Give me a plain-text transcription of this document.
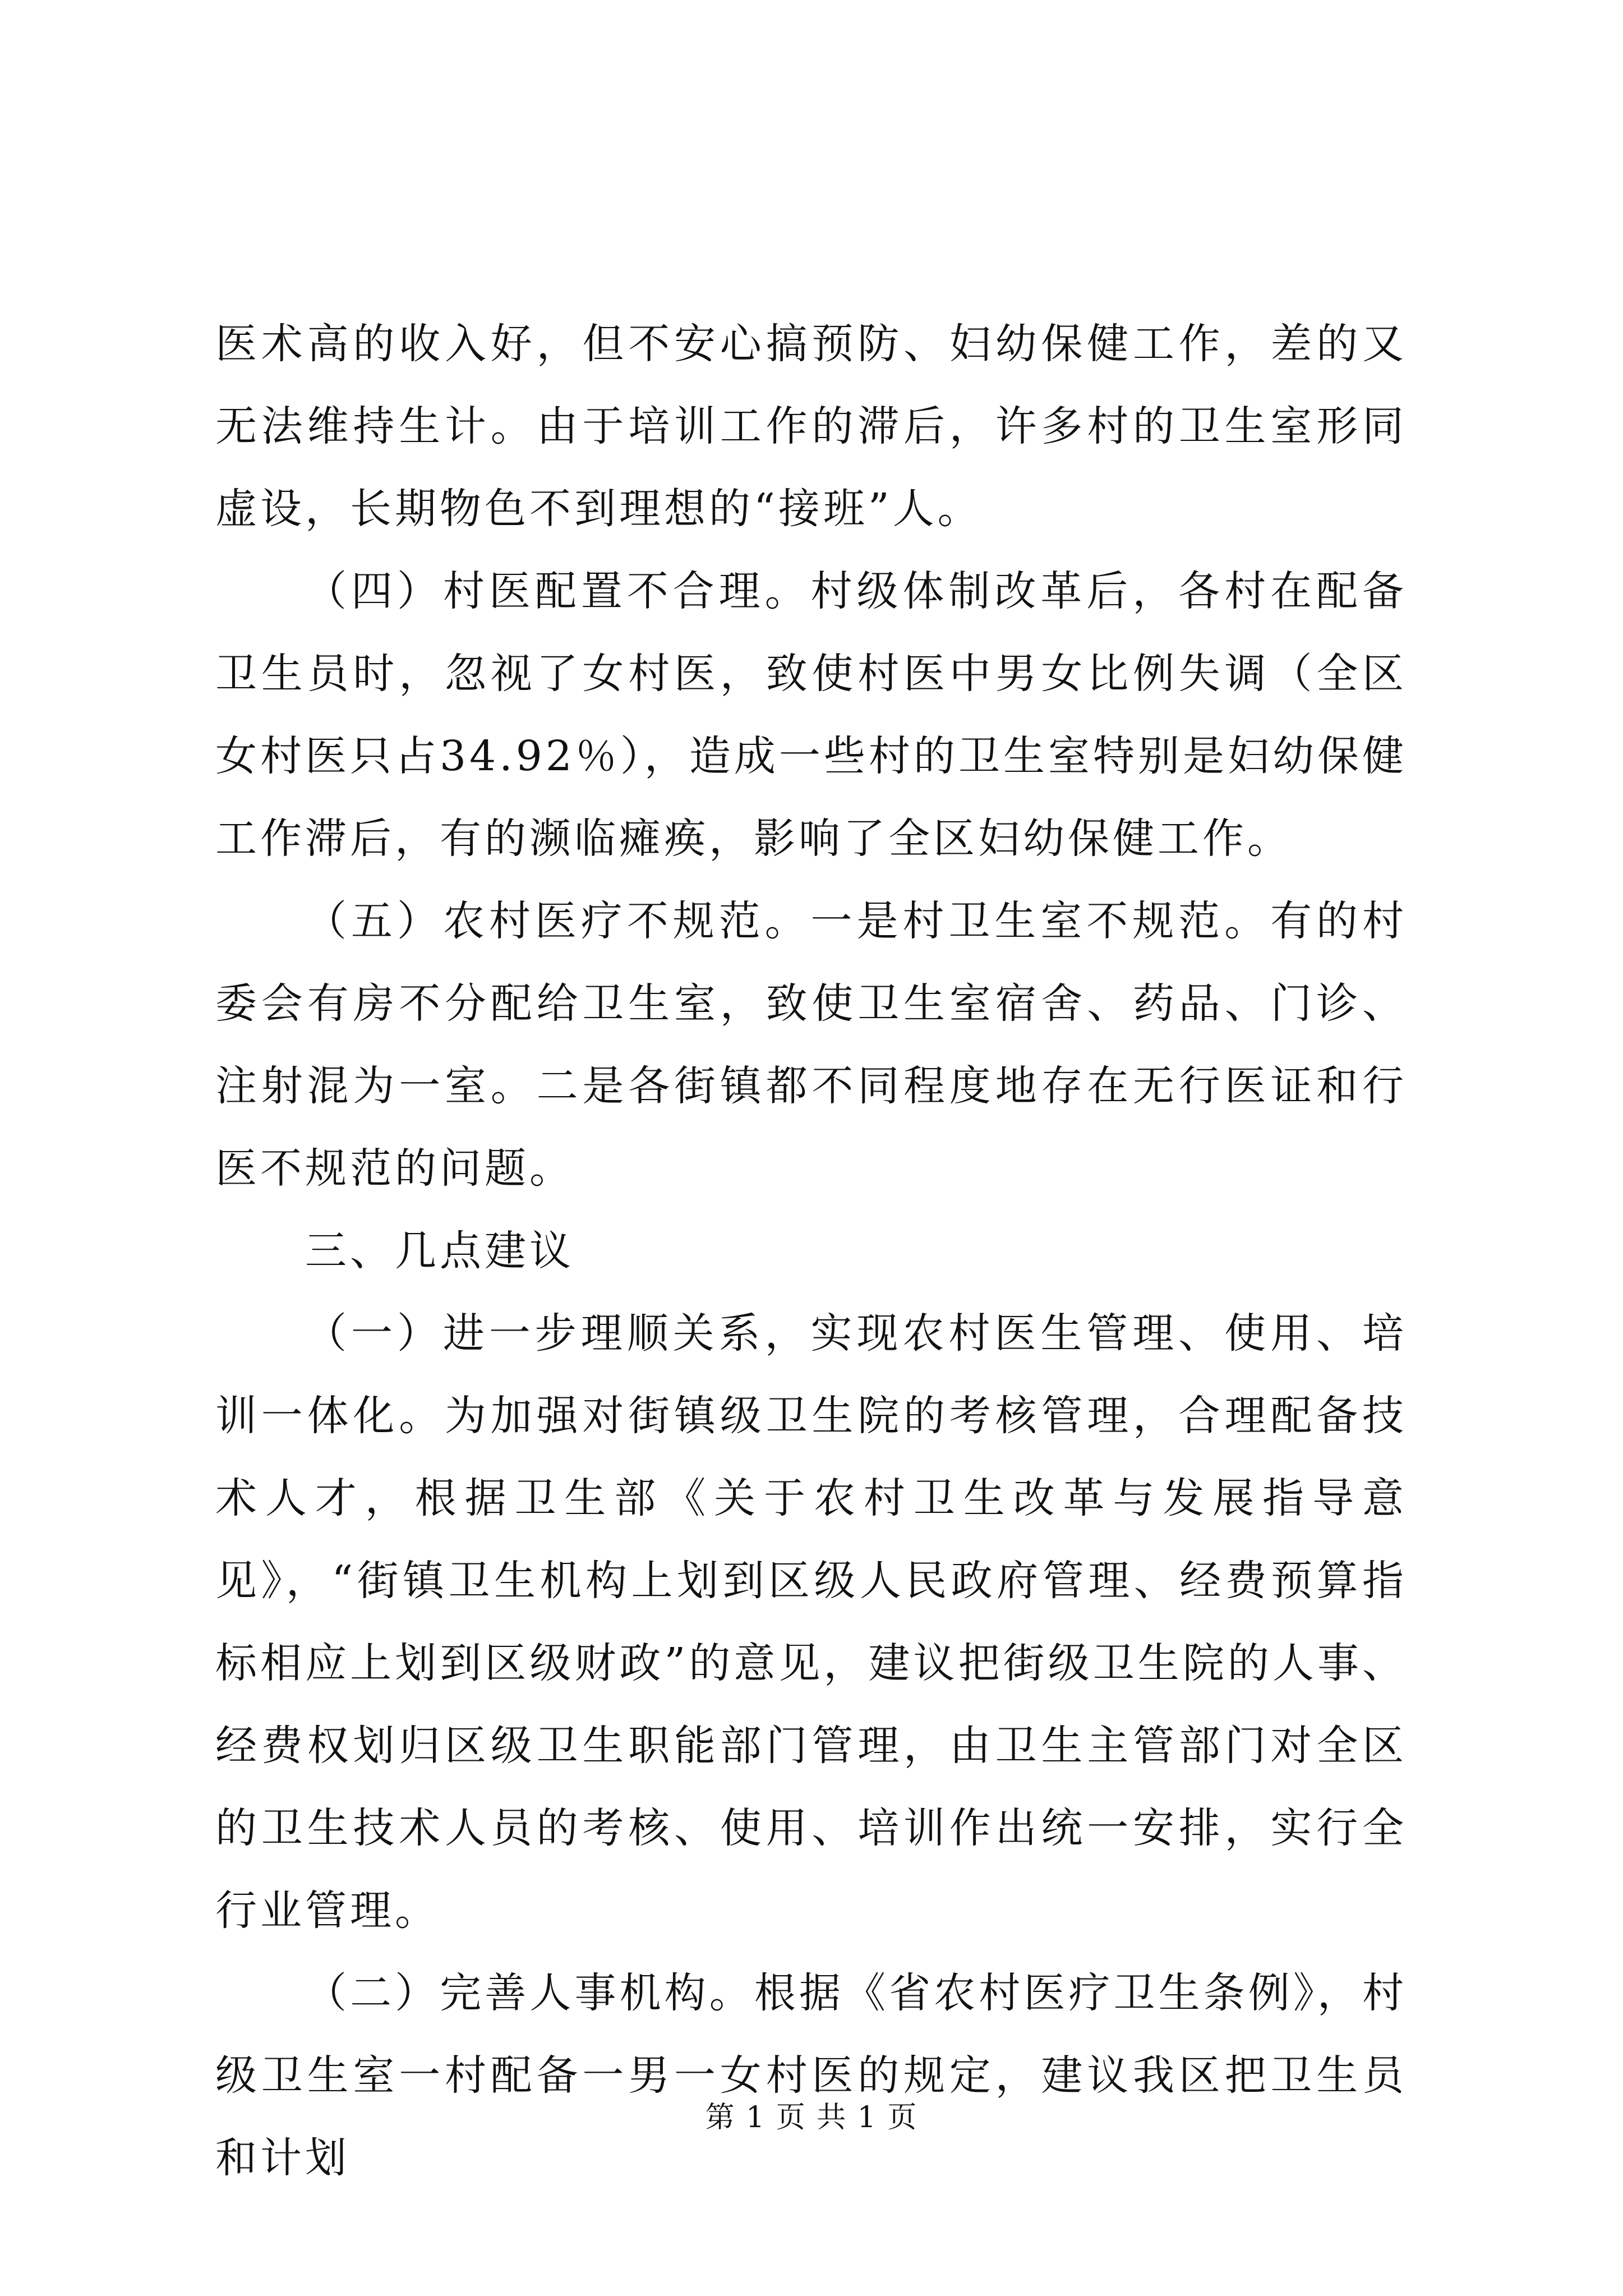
医术高的收入好，但不安心搞预防、妇幼保健工作，差的又无法维持生计。由于培训工作的滞后，许多村的卫生室形同虚设，长期物色不到理想的“接班”人。

（四）村医配置不合理。村级体制改革后，各村在配备卫生员时，忽视了女村医，致使村医中男女比例失调（全区女村医只占34.92％），造成一些村的卫生室特别是妇幼保健工作滞后，有的濒临瘫痪，影响了全区妇幼保健工作。

（五）农村医疗不规范。一是村卫生室不规范。有的村委会有房不分配给卫生室，致使卫生室宿舍、药品、门诊、注射混为一室。二是各街镇都不同程度地存在无行医证和行医不规范的问题。

三、几点建议

（一）进一步理顺关系，实现农村医生管理、使用、培训一体化。为加强对街镇级卫生院的考核管理，合理配备技术人才，根据卫生部《关于农村卫生改革与发展指导意见》，“街镇卫生机构上划到区级人民政府管理、经费预算指标相应上划到区级财政”的意见，建议把街级卫生院的人事、经费权划归区级卫生职能部门管理，由卫生主管部门对全区的卫生技术人员的考核、使用、培训作出统一安排，实行全行业管理。

（二）完善人事机构。根据《省农村医疗卫生条例》，村级卫生室一村配备一男一女村医的规定，建议我区把卫生员和计划

第 1 页 共 1 页
